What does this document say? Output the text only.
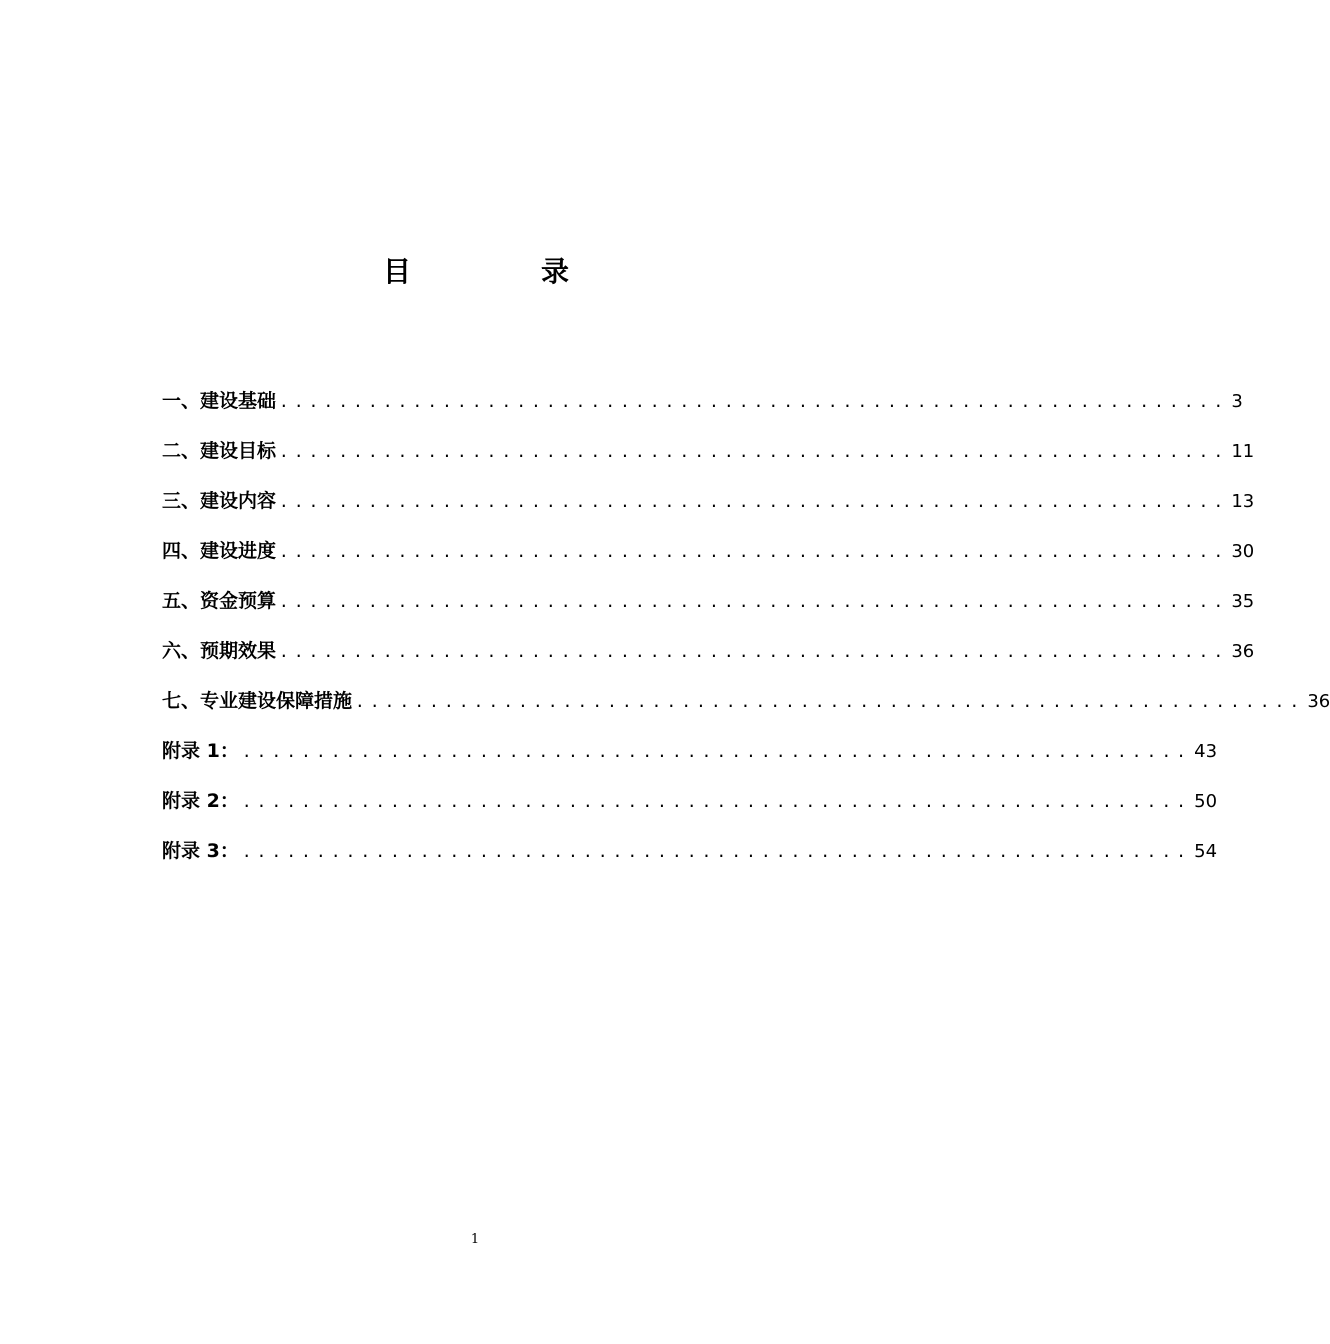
目	录
一、建设基础 ................................................................ 3
二、建设目标 ................................................................ 11
三、建设内容 ................................................................ 13
四、建设进度 ................................................................ 30
五、资金预算 ................................................................ 35
六、预期效果 ................................................................ 36
七、专业建设保障措施 ................................................................ 36
附录 1： ................................................................ 43
附录 2： ................................................................ 50
附录 3： ................................................................ 54
1
